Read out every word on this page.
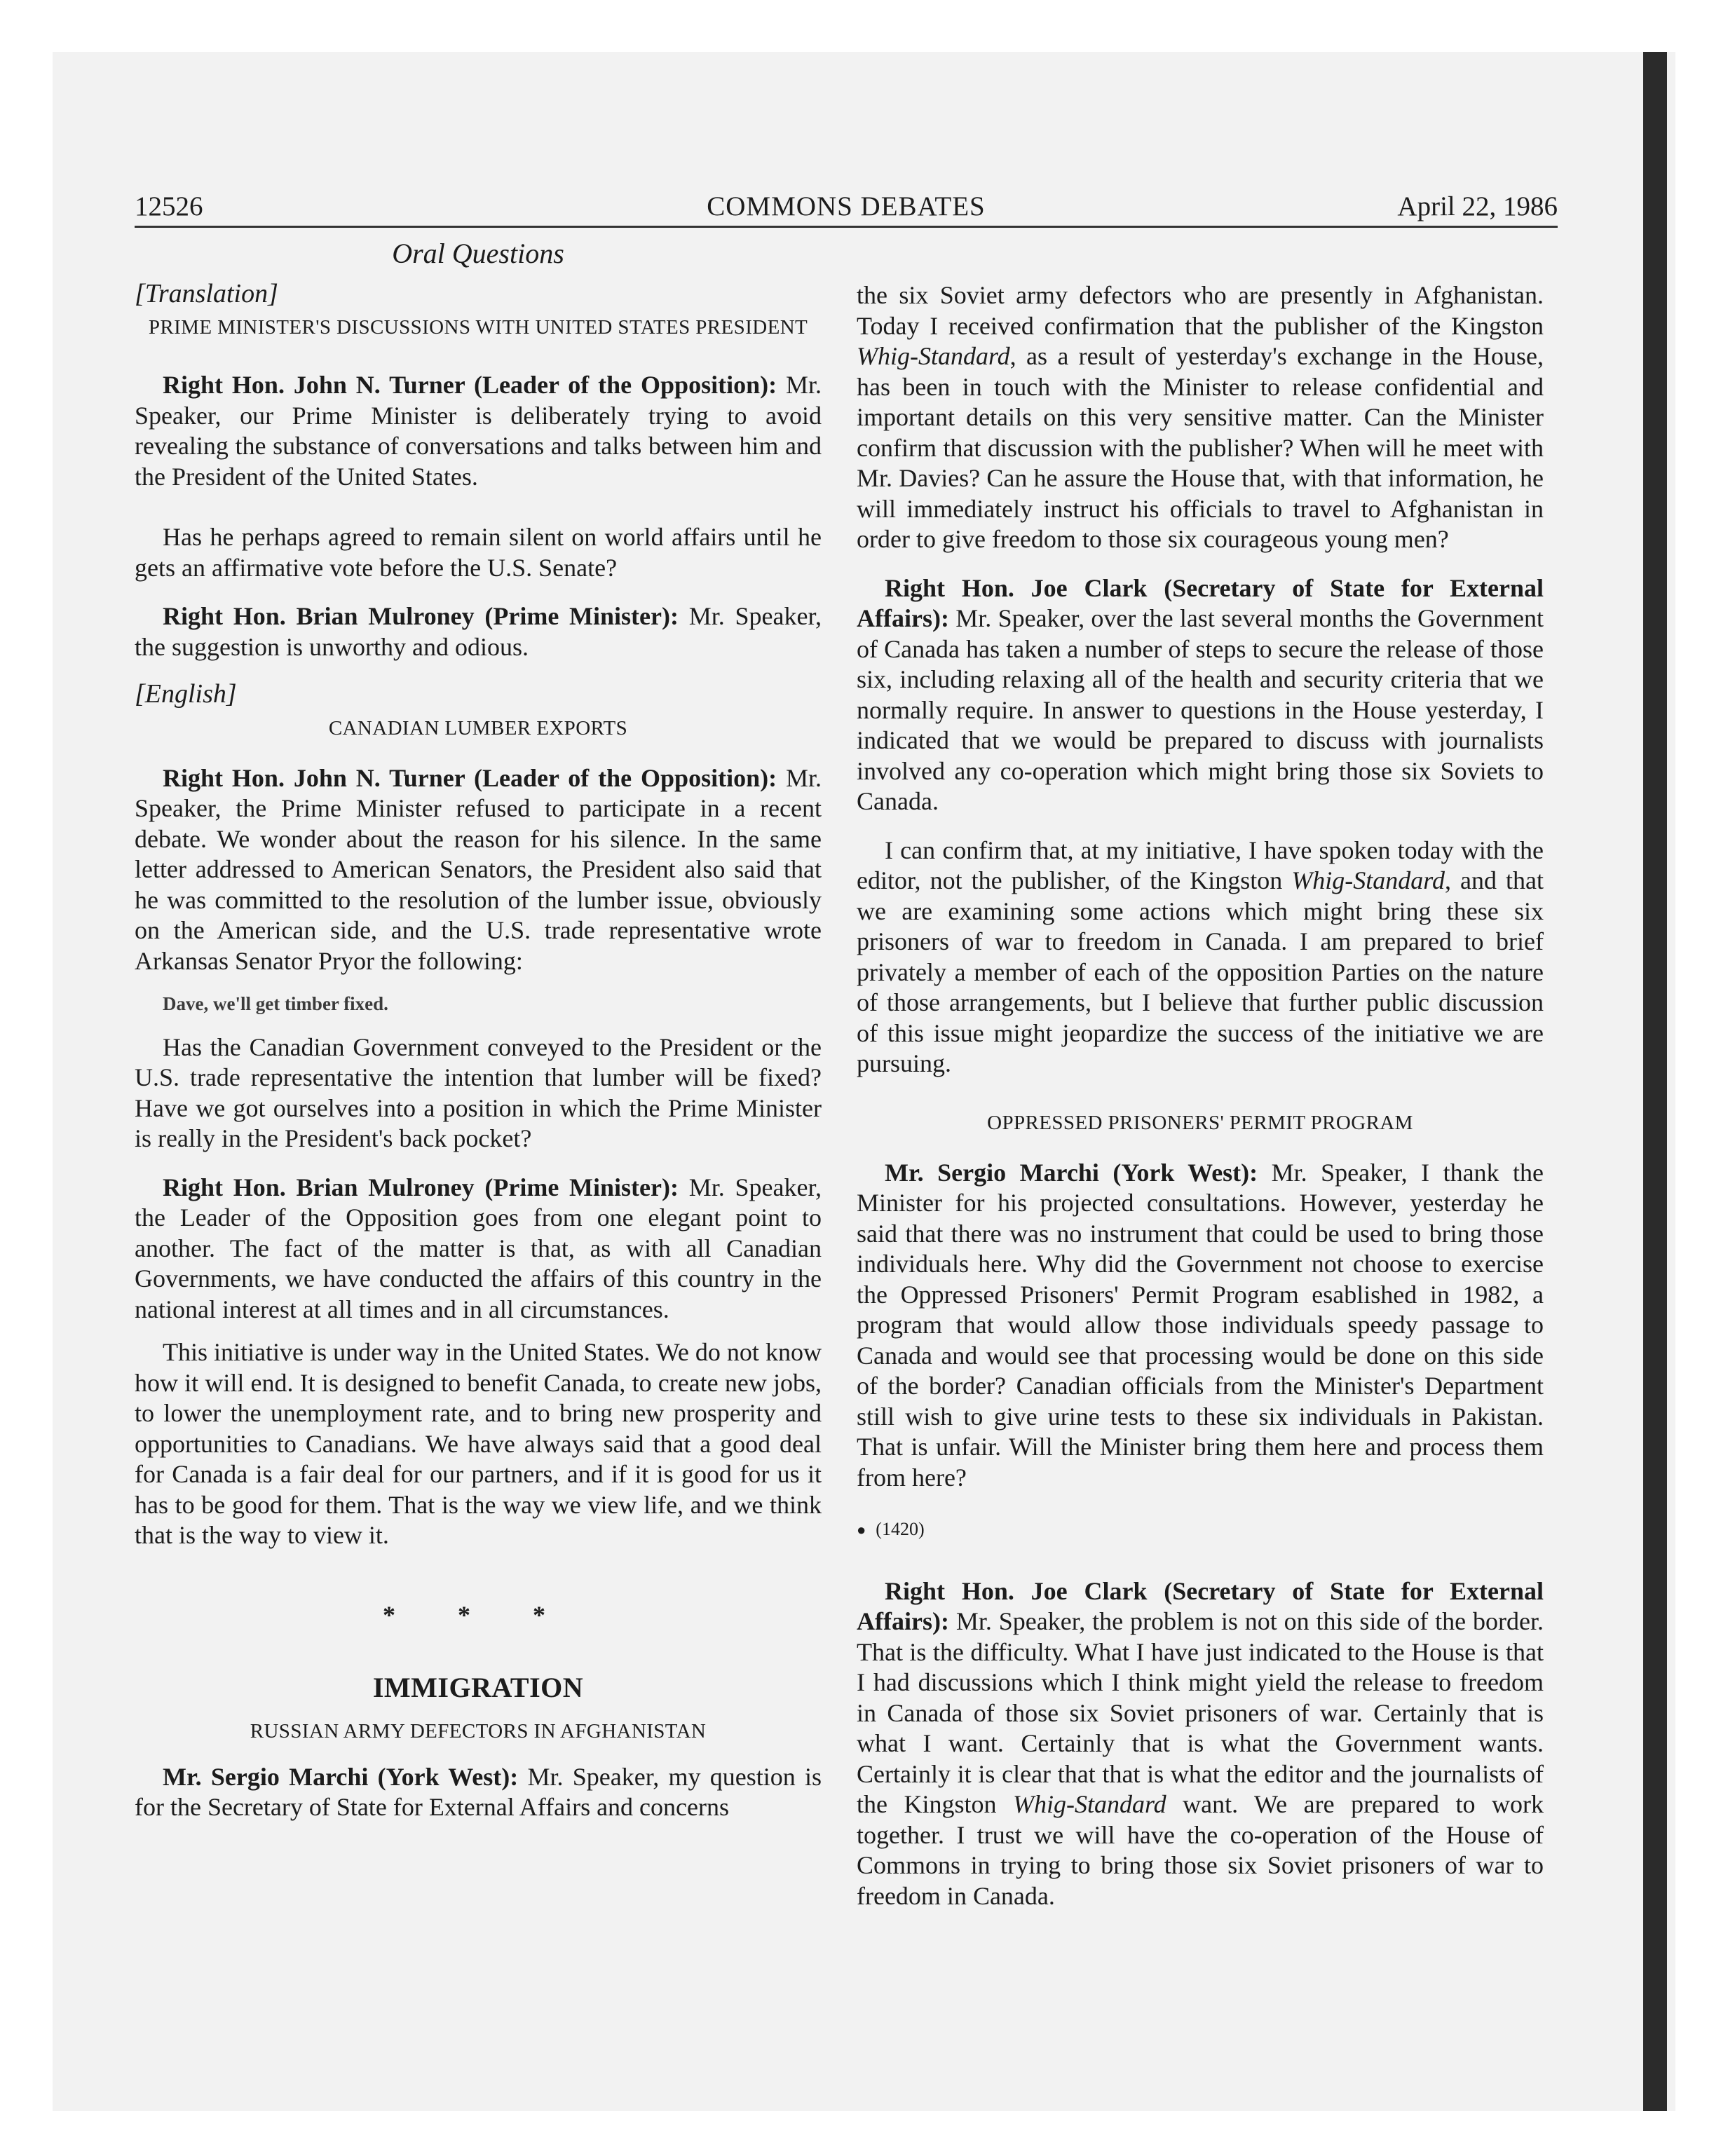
12526	COMMONS DEBATES	April 22, 1986

Oral Questions

[Translation]

PRIME MINISTER'S DISCUSSIONS WITH UNITED STATES PRESIDENT

Right Hon. John N. Turner (Leader of the Opposition): Mr. Speaker, our Prime Minister is deliberately trying to avoid revealing the substance of conversations and talks between him and the President of the United States.

Has he perhaps agreed to remain silent on world affairs until he gets an affirmative vote before the U.S. Senate?

Right Hon. Brian Mulroney (Prime Minister): Mr. Speaker, the suggestion is unworthy and odious.

[English]

CANADIAN LUMBER EXPORTS

Right Hon. John N. Turner (Leader of the Opposition): Mr. Speaker, the Prime Minister refused to participate in a recent debate. We wonder about the reason for his silence. In the same letter addressed to American Senators, the President also said that he was committed to the resolution of the lumber issue, obviously on the American side, and the U.S. trade representative wrote Arkansas Senator Pryor the following:

Dave, we'll get timber fixed.

Has the Canadian Government conveyed to the President or the U.S. trade representative the intention that lumber will be fixed? Have we got ourselves into a position in which the Prime Minister is really in the President's back pocket?

Right Hon. Brian Mulroney (Prime Minister): Mr. Speaker, the Leader of the Opposition goes from one elegant point to another. The fact of the matter is that, as with all Canadian Governments, we have conducted the affairs of this country in the national interest at all times and in all circumstances.

This initiative is under way in the United States. We do not know how it will end. It is designed to benefit Canada, to create new jobs, to lower the unemployment rate, and to bring new prosperity and opportunities to Canadians. We have always said that a good deal for Canada is a fair deal for our partners, and if it is good for us it has to be good for them. That is the way we view life, and we think that is the way to view it.

* * *

IMMIGRATION

RUSSIAN ARMY DEFECTORS IN AFGHANISTAN

Mr. Sergio Marchi (York West): Mr. Speaker, my question is for the Secretary of State for External Affairs and concerns

the six Soviet army defectors who are presently in Afghanistan. Today I received confirmation that the publisher of the Kingston Whig-Standard, as a result of yesterday's exchange in the House, has been in touch with the Minister to release confidential and important details on this very sensitive matter. Can the Minister confirm that discussion with the publisher? When will he meet with Mr. Davies? Can he assure the House that, with that information, he will immediately instruct his officials to travel to Afghanistan in order to give freedom to those six courageous young men?

Right Hon. Joe Clark (Secretary of State for External Affairs): Mr. Speaker, over the last several months the Government of Canada has taken a number of steps to secure the release of those six, including relaxing all of the health and security criteria that we normally require. In answer to questions in the House yesterday, I indicated that we would be prepared to discuss with journalists involved any co-operation which might bring those six Soviets to Canada.

I can confirm that, at my initiative, I have spoken today with the editor, not the publisher, of the Kingston Whig-Standard, and that we are examining some actions which might bring these six prisoners of war to freedom in Canada. I am prepared to brief privately a member of each of the opposition Parties on the nature of those arrangements, but I believe that further public discussion of this issue might jeopardize the success of the initiative we are pursuing.

OPPRESSED PRISONERS' PERMIT PROGRAM

Mr. Sergio Marchi (York West): Mr. Speaker, I thank the Minister for his projected consultations. However, yesterday he said that there was no instrument that could be used to bring those individuals here. Why did the Government not choose to exercise the Oppressed Prisoners' Permit Program esablished in 1982, a program that would allow those individuals speedy passage to Canada and would see that processing would be done on this side of the border? Canadian officials from the Minister's Department still wish to give urine tests to these six individuals in Pakistan. That is unfair. Will the Minister bring them here and process them from here?

● (1420)

Right Hon. Joe Clark (Secretary of State for External Affairs): Mr. Speaker, the problem is not on this side of the border. That is the difficulty. What I have just indicated to the House is that I had discussions which I think might yield the release to freedom in Canada of those six Soviet prisoners of war. Certainly that is what I want. Certainly that is what the Government wants. Certainly it is clear that that is what the editor and the journalists of the Kingston Whig-Standard want. We are prepared to work together. I trust we will have the co-operation of the House of Commons in trying to bring those six Soviet prisoners of war to freedom in Canada.
